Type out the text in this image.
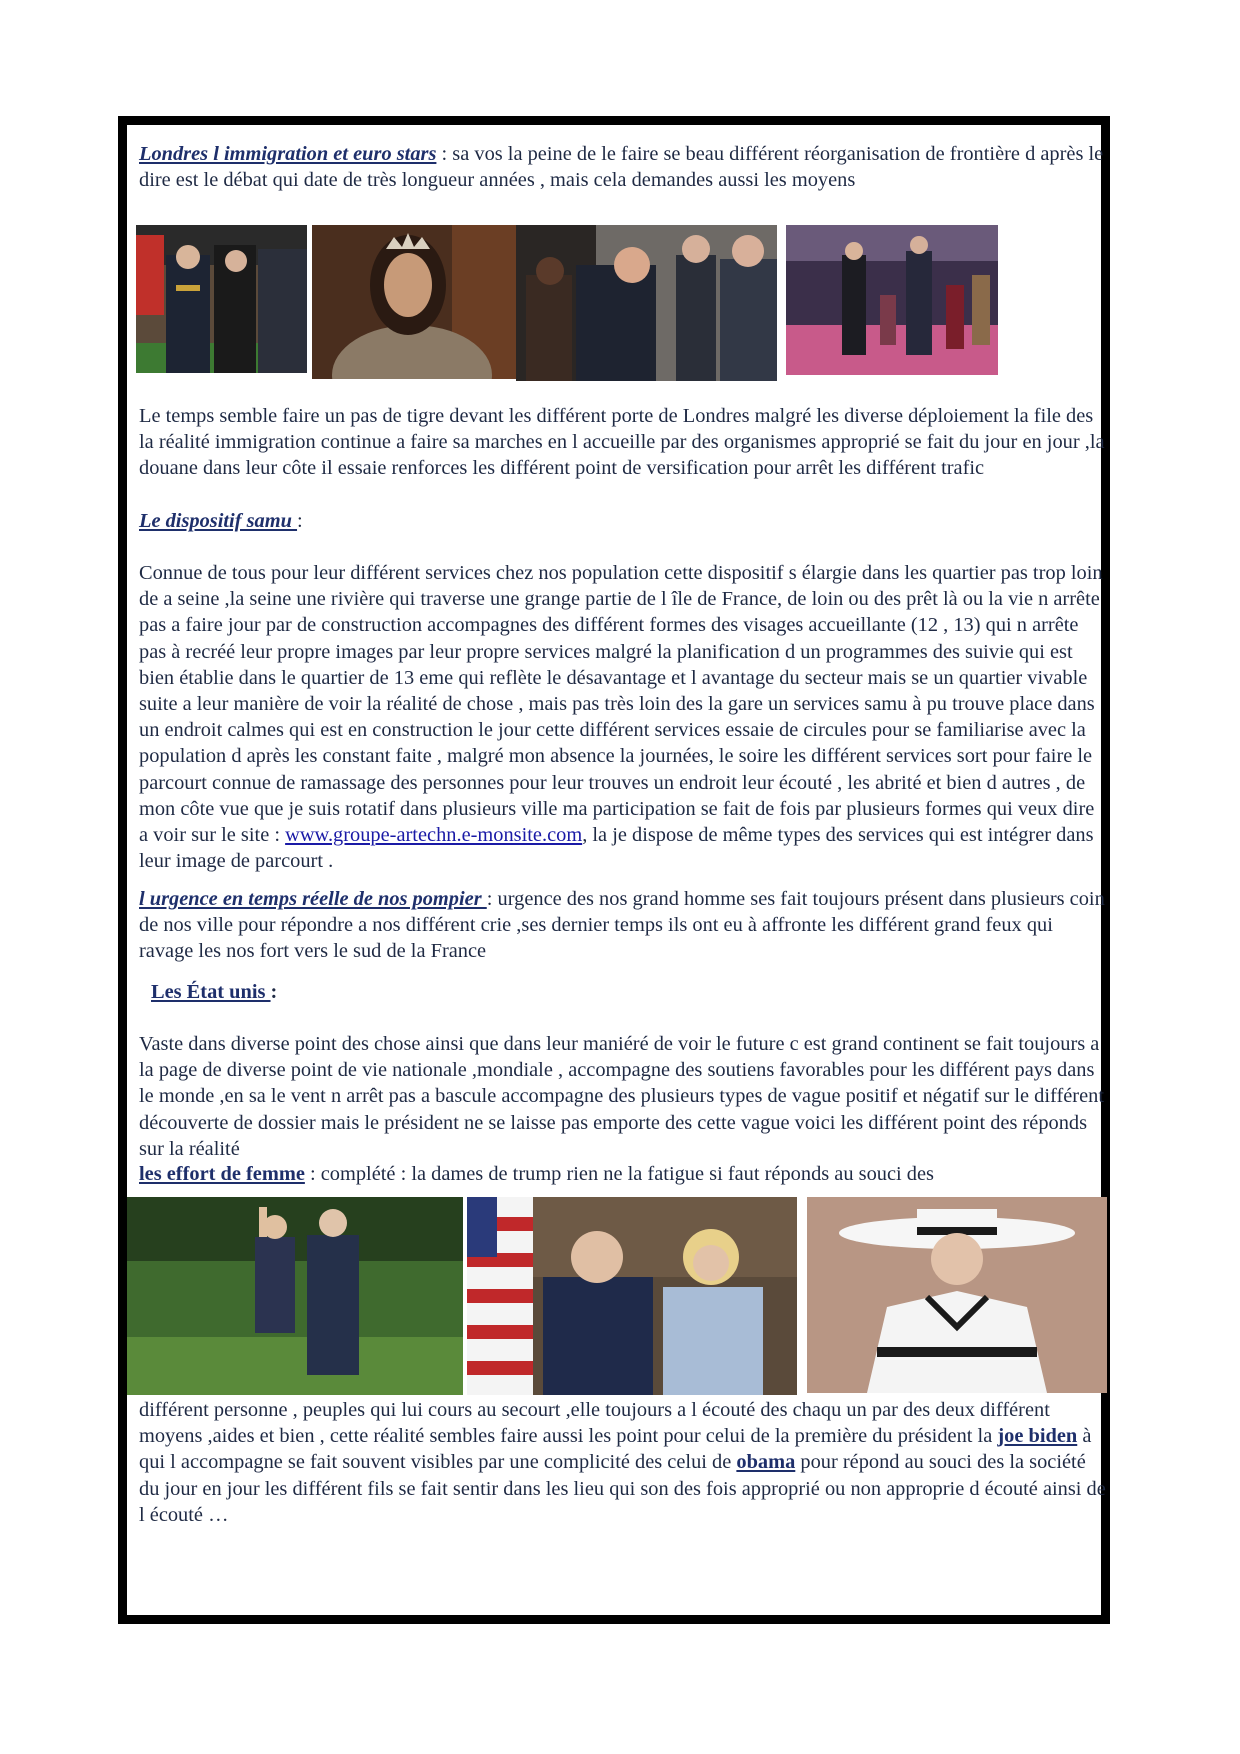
Londres l immigration et euro stars : sa vos la peine de le faire se beau différent réorganisation de frontière d après le dire est le débat qui date de très longueur années , mais cela demandes aussi les moyens
Le temps semble faire un pas de tigre devant les différent porte de Londres malgré les diverse déploiement la file des la réalité immigration continue a faire sa marches en l accueille par des organismes approprié se fait du jour en jour ,la douane dans leur côte il essaie renforces les différent point de versification pour arrêt les différent trafic
Le dispositif samu :
Connue de tous pour leur différent services chez nos population cette dispositif s élargie dans les quartier pas trop loin de a seine ,la seine une rivière qui traverse une grange partie de l île de France, de loin ou des prêt là ou la vie n arrête pas a faire jour par de construction accompagnes des différent formes des visages accueillante (12 , 13) qui n arrête pas à recréé leur propre images par leur propre services malgré la planification d un programmes des suivie qui est bien établie dans le quartier de 13 eme qui reflète le désavantage et l avantage du secteur mais se un quartier vivable suite a leur manière de voir la réalité de chose , mais pas très loin des la gare un services samu à pu trouve place dans un endroit calmes qui est en construction le jour cette différent services essaie de circules pour se familiarise avec la population d après les constant faite , malgré mon absence la journées, le soire les différent services sort pour faire le parcourt connue de ramassage des personnes pour leur trouves un endroit leur écouté , les abrité et bien d autres , de mon côte vue que je suis rotatif dans plusieurs ville ma participation se fait de fois par plusieurs formes qui veux dire a voir sur le site : www.groupe-artechn.e-monsite.com, la je dispose de même types des services qui est intégrer dans leur image de parcourt .
l urgence en temps réelle de nos pompier : urgence des nos grand homme ses fait toujours présent dans plusieurs coin de nos ville pour répondre a nos différent crie ,ses dernier temps ils ont eu à affronte les différent grand feux qui ravage les nos fort vers le sud de la France
Les État unis :
Vaste dans diverse point des chose ainsi que dans leur maniéré de voir le future c est grand continent se fait toujours a la page de diverse point de vie nationale ,mondiale , accompagne des soutiens favorables pour les différent pays dans le monde ,en sa le vent n arrêt pas a bascule accompagne des plusieurs types de vague positif et négatif sur le différent découverte de dossier mais le président ne se laisse pas emporte des cette vague voici les différent point des réponds sur la réalité
les effort de femme : complété : la dames de trump rien ne la fatigue si faut réponds au souci des
différent personne , peuples qui lui cours au secourt ,elle toujours a l écouté des chaqu un par des deux différent moyens ,aides et bien , cette réalité sembles faire aussi les point pour celui de la première du président la joe biden à qui l accompagne se fait souvent visibles par une complicité des celui de obama pour répond au souci des la société du jour en jour les différent fils se fait sentir dans les lieu qui son des fois approprié ou non approprie d écouté ainsi de l écouté …
